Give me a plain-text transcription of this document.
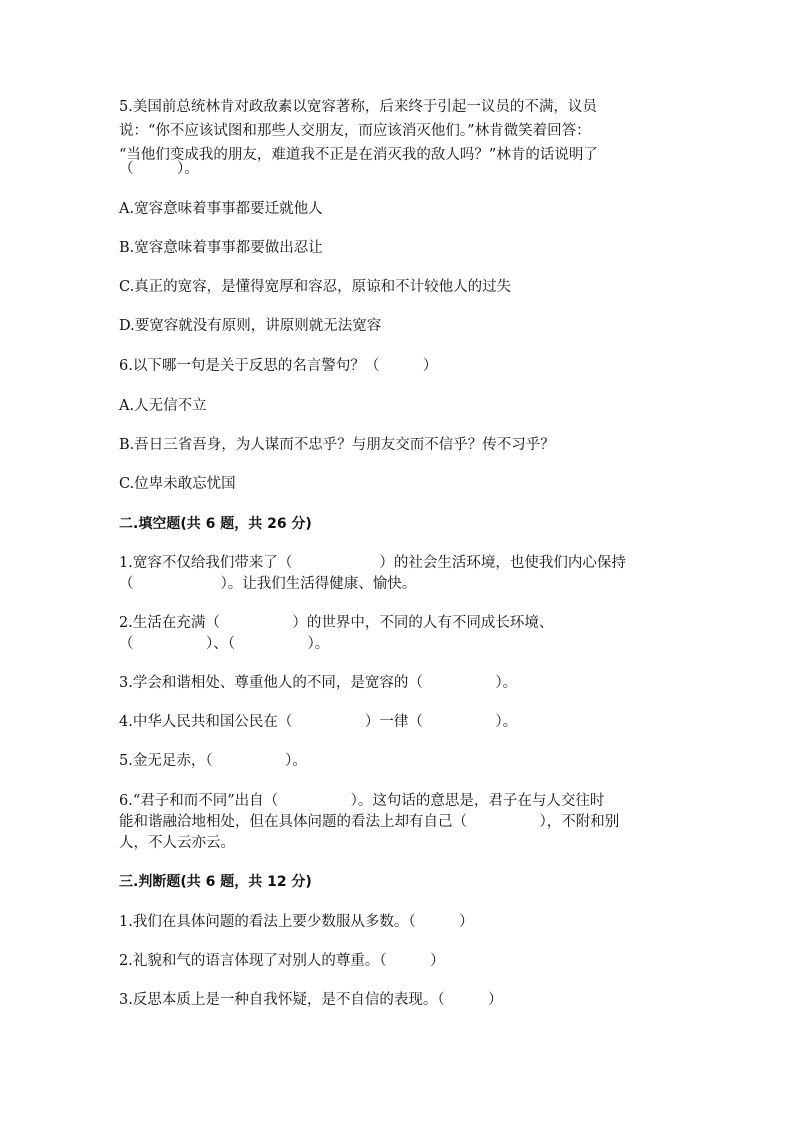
5.美国前总统林肯对政敌素以宽容著称，后来终于引起一议员的不满，议员
说：“你不应该试图和那些人交朋友，而应该消灭他们。”林肯微笑着回答：
“当他们变成我的朋友，难道我不正是在消灭我的敌人吗？”林肯的话说明了
（　　　）。
A.宽容意味着事事都要迁就他人
B.宽容意味着事事都要做出忍让
C.真正的宽容，是懂得宽厚和容忍，原谅和不计较他人的过失
D.要宽容就没有原则，讲原则就无法宽容
6.以下哪一句是关于反思的名言警句？（　　　）
A.人无信不立
B.吾日三省吾身，为人谋而不忠乎？与朋友交而不信乎？传不习乎？
C.位卑未敢忘忧国
二.填空题(共 6 题，共 26 分)
1.宽容不仅给我们带来了（　　　　　　）的社会生活环境，也使我们内心保持
（　　　　　　）。让我们生活得健康、愉快。
2.生活在充满（　　　　　）的世界中，不同的人有不同成长环境、
（　　　　　）、（　　　　　）。
3.学会和谐相处、尊重他人的不同，是宽容的（　　　　　）。
4.中华人民共和国公民在（　　　　　）一律（　　　　　）。
5.金无足赤，（　　　　　）。
6.“君子和而不同”出自（　　　　　）。这句话的意思是，君子在与人交往时
能和谐融洽地相处，但在具体问题的看法上却有自己（　　　　　），不附和别
人，不人云亦云。
三.判断题(共 6 题，共 12 分)
1.我们在具体问题的看法上要少数服从多数。（　　　）
2.礼貌和气的语言体现了对别人的尊重。（　　　）
3.反思本质上是一种自我怀疑，是不自信的表现。（　　　）
